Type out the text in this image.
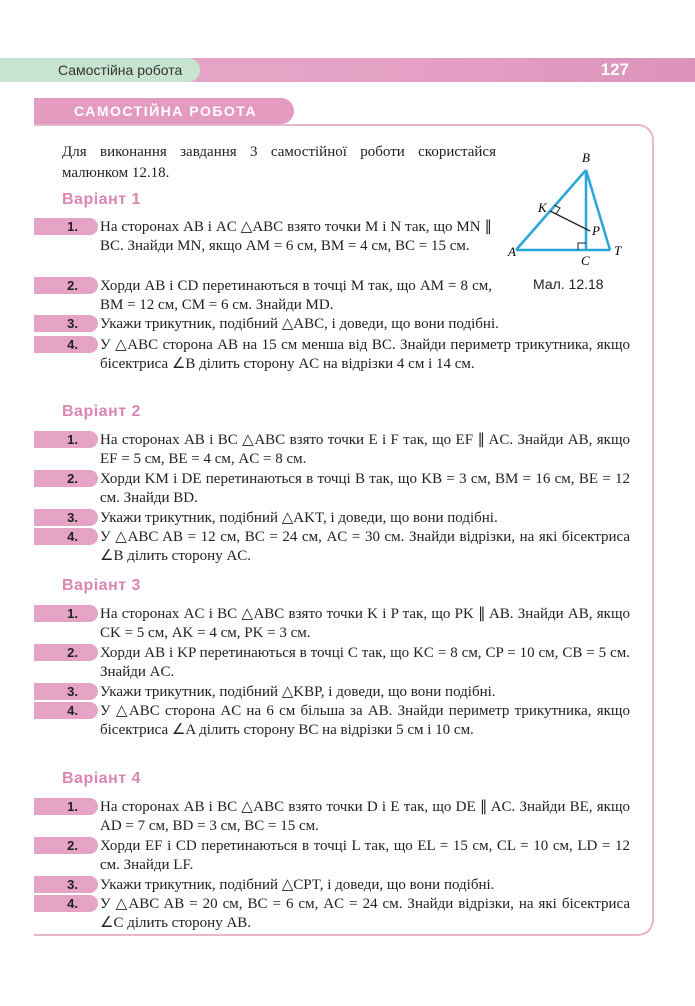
Самостійна робота	127
САМОСТІЙНА РОБОТА
Для виконання завдання 3 самостійної роботи скористайся малюнком 12.18.
B
K
P
A
C
T
Мал. 12.18
Варіант 1
1.	На сторонах AB і AC △ABC взято точки M і N так, що MN ∥ BC. Знайди MN, якщо AM = 6 см, BM = 4 см, BC = 15 см.
2.	Хорди AB і CD перетинаються в точці M так, що AM = 8 см, BM = 12 см, CM = 6 см. Знайди MD.
3.	Укажи трикутник, подібний △ABC, і доведи, що вони подібні.
4.	У △ABC сторона AB на 15 см менша від BC. Знайди периметр трикутника, якщо бісектриса ∠B ділить сторону AC на відрізки 4 см і 14 см.
Варіант 2
1.	На сторонах AB і BC △ABC взято точки E і F так, що EF ∥ AC. Знайди AB, якщо EF = 5 см, BE = 4 см, AC = 8 см.
2.	Хорди KM і DE перетинаються в точці B так, що KB = 3 см, BM = 16 см, BE = 12 см. Знайди BD.
3.	Укажи трикутник, подібний △AKT, і доведи, що вони подібні.
4.	У △ABC AB = 12 см, BC = 24 см, AC = 30 см. Знайди відрізки, на які бісектриса ∠B ділить сторону AC.
Варіант 3
1.	На сторонах AC і BC △ABC взято точки K і P так, що PK ∥ AB. Знайди AB, якщо CK = 5 см, AK = 4 см, PK = 3 см.
2.	Хорди AB і KP перетинаються в точці C так, що KC = 8 см, CP = 10 см, CB = 5 см. Знайди AC.
3.	Укажи трикутник, подібний △KBP, і доведи, що вони подібні.
4.	У △ABC сторона AC на 6 см більша за AB. Знайди периметр трикутника, якщо бісектриса ∠A ділить сторону BC на відрізки 5 см і 10 см.
Варіант 4
1.	На сторонах AB і BC △ABC взято точки D і E так, що DE ∥ AC. Знайди BE, якщо AD = 7 см, BD = 3 см, BC = 15 см.
2.	Хорди EF і CD перетинаються в точці L так, що EL = 15 см, CL = 10 см, LD = 12 см. Знайди LF.
3.	Укажи трикутник, подібний △CPT, і доведи, що вони подібні.
4.	У △ABC AB = 20 см, BC = 6 см, AC = 24 см. Знайди відрізки, на які бісектриса ∠C ділить сторону AB.
